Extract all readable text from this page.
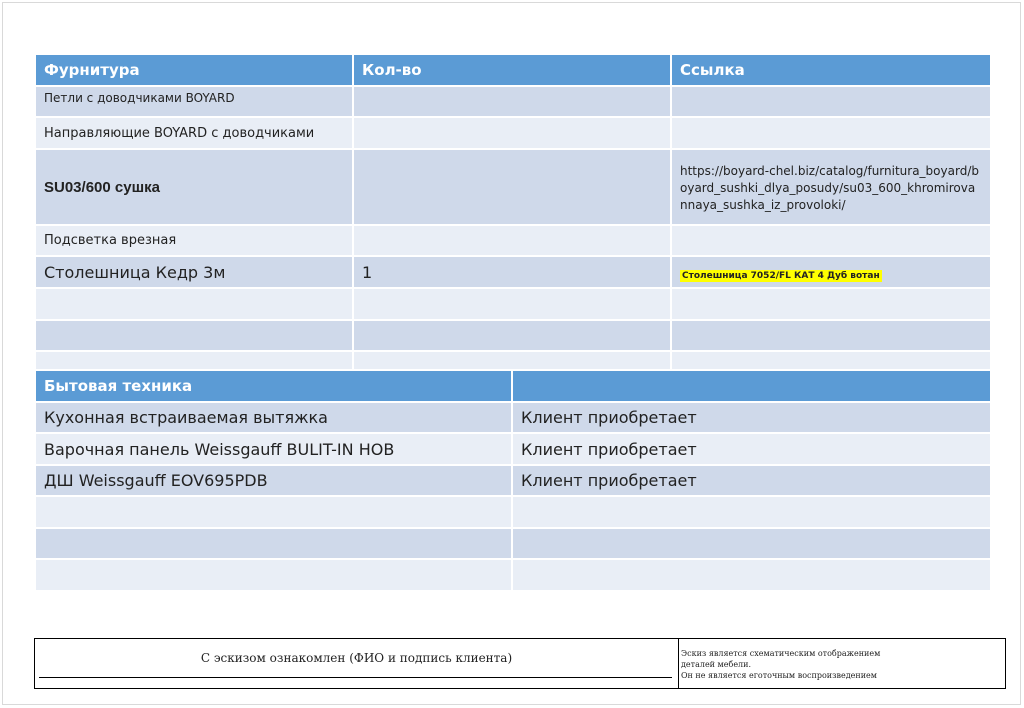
Фурнитура	Кол-во	Ссылка
Петли с доводчиками BOYARD		
Направляющие BOYARD с доводчиками		
SU03/600 сушка		https://boyard-chel.biz/catalog/furnitura_boyard/boyard_sushki_dlya_posudy/su03_600_khromirovannaya_sushka_iz_provoloki/
Подсветка врезная		
Столешница Кедр 3м	1	Столешница 7052/FL КАТ 4 Дуб вотан

Бытовая техника	
Кухонная встраиваемая вытяжка	Клиент приобретает
Варочная панель Weissgauff BULIT-IN HOB	Клиент приобретает
ДШ Weissgauff EOV695PDB	Клиент приобретает

С эскизом ознакомлен (ФИО и подпись клиента)	Эскиз является схематическим отображением
деталей мебели.
Он не является еготочным воспроизведением
